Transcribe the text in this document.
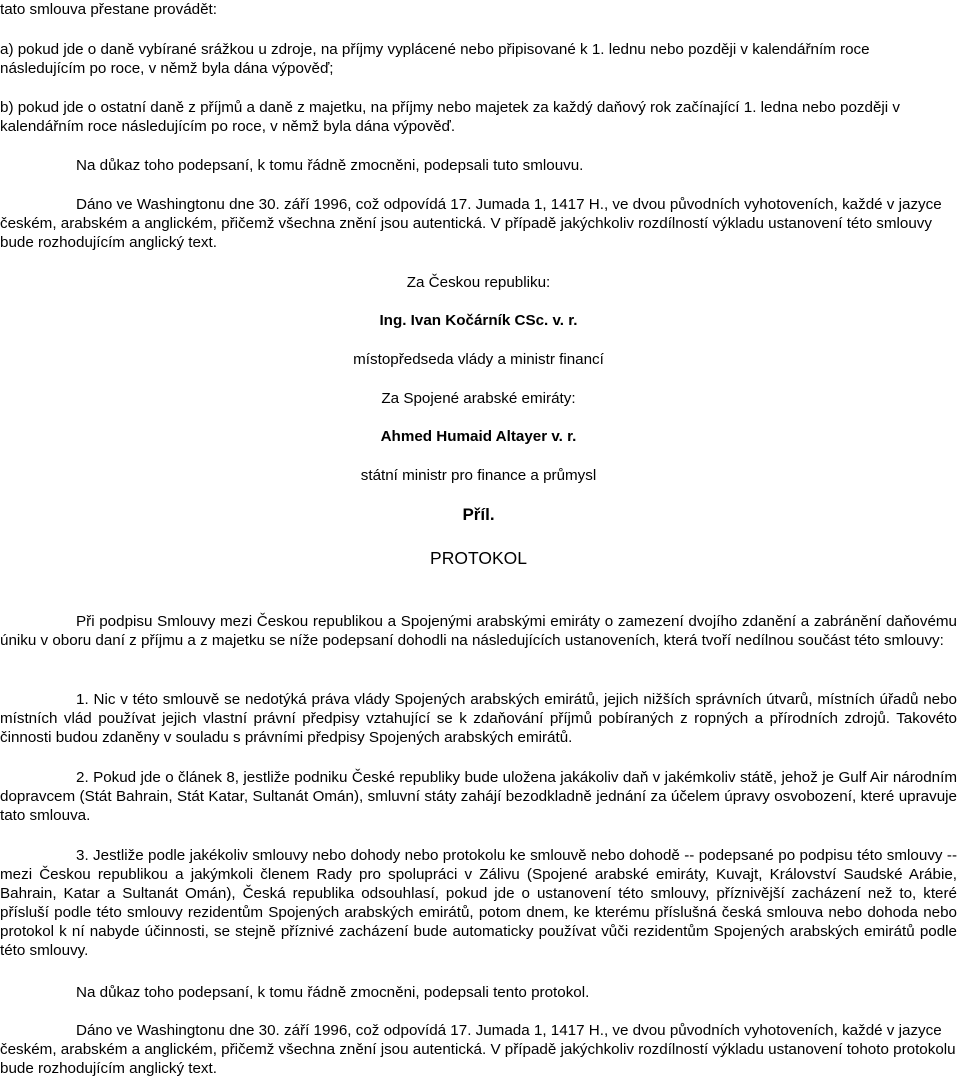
tato smlouva přestane provádět:

a) pokud jde o daně vybírané srážkou u zdroje, na příjmy vyplácené nebo připisované k 1. lednu nebo později v kalendářním roce následujícím po roce, v němž byla dána výpověď;

b) pokud jde o ostatní daně z příjmů a daně z majetku, na příjmy nebo majetek za každý daňový rok začínající 1. ledna nebo později v kalendářním roce následujícím po roce, v němž byla dána výpověď.

Na důkaz toho podepsaní, k tomu řádně zmocněni, podepsali tuto smlouvu.

Dáno ve Washingtonu dne 30. září 1996, což odpovídá 17. Jumada 1, 1417 H., ve dvou původních vyhotoveních, každé v jazyce českém, arabském a anglickém, přičemž všechna znění jsou autentická. V případě jakýchkoliv rozdílností výkladu ustanovení této smlouvy bude rozhodujícím anglický text.

Za Českou republiku:

Ing. Ivan Kočárník CSc. v. r.

místopředseda vlády a ministr financí

Za Spojené arabské emiráty:

Ahmed Humaid Altayer v. r.

státní ministr pro finance a průmysl

Příl.

PROTOKOL

Při podpisu Smlouvy mezi Českou republikou a Spojenými arabskými emiráty o zamezení dvojího zdanění a zabránění daňovému úniku v oboru daní z příjmu a z majetku se níže podepsaní dohodli na následujících ustanoveních, která tvoří nedílnou součást této smlouvy:

1. Nic v této smlouvě se nedotýká práva vlády Spojených arabských emirátů, jejich nižších správních útvarů, místních úřadů nebo místních vlád používat jejich vlastní právní předpisy vztahující se k zdaňování příjmů pobíraných z ropných a přírodních zdrojů. Takovéto činnosti budou zdaněny v souladu s právními předpisy Spojených arabských emirátů.

2. Pokud jde o článek 8, jestliže podniku České republiky bude uložena jakákoliv daň v jakémkoliv státě, jehož je Gulf Air národním dopravcem (Stát Bahrain, Stát Katar, Sultanát Omán), smluvní státy zahájí bezodkladně jednání za účelem úpravy osvobození, které upravuje tato smlouva.

3. Jestliže podle jakékoliv smlouvy nebo dohody nebo protokolu ke smlouvě nebo dohodě -- podepsané po podpisu této smlouvy -- mezi Českou republikou a jakýmkoli členem Rady pro spolupráci v Zálivu (Spojené arabské emiráty, Kuvajt, Království Saudské Arábie, Bahrain, Katar a Sultanát Omán), Česká republika odsouhlasí, pokud jde o ustanovení této smlouvy, příznivější zacházení než to, které přísluší podle této smlouvy rezidentům Spojených arabských emirátů, potom dnem, ke kterému příslušná česká smlouva nebo dohoda nebo protokol k ní nabyde účinnosti, se stejně příznivé zacházení bude automaticky používat vůči rezidentům Spojených arabských emirátů podle této smlouvy.

Na důkaz toho podepsaní, k tomu řádně zmocněni, podepsali tento protokol.

Dáno ve Washingtonu dne 30. září 1996, což odpovídá 17. Jumada 1, 1417 H., ve dvou původních vyhotoveních, každé v jazyce českém, arabském a anglickém, přičemž všechna znění jsou autentická. V případě jakýchkoliv rozdílností výkladu ustanovení tohoto protokolu bude rozhodujícím anglický text.
